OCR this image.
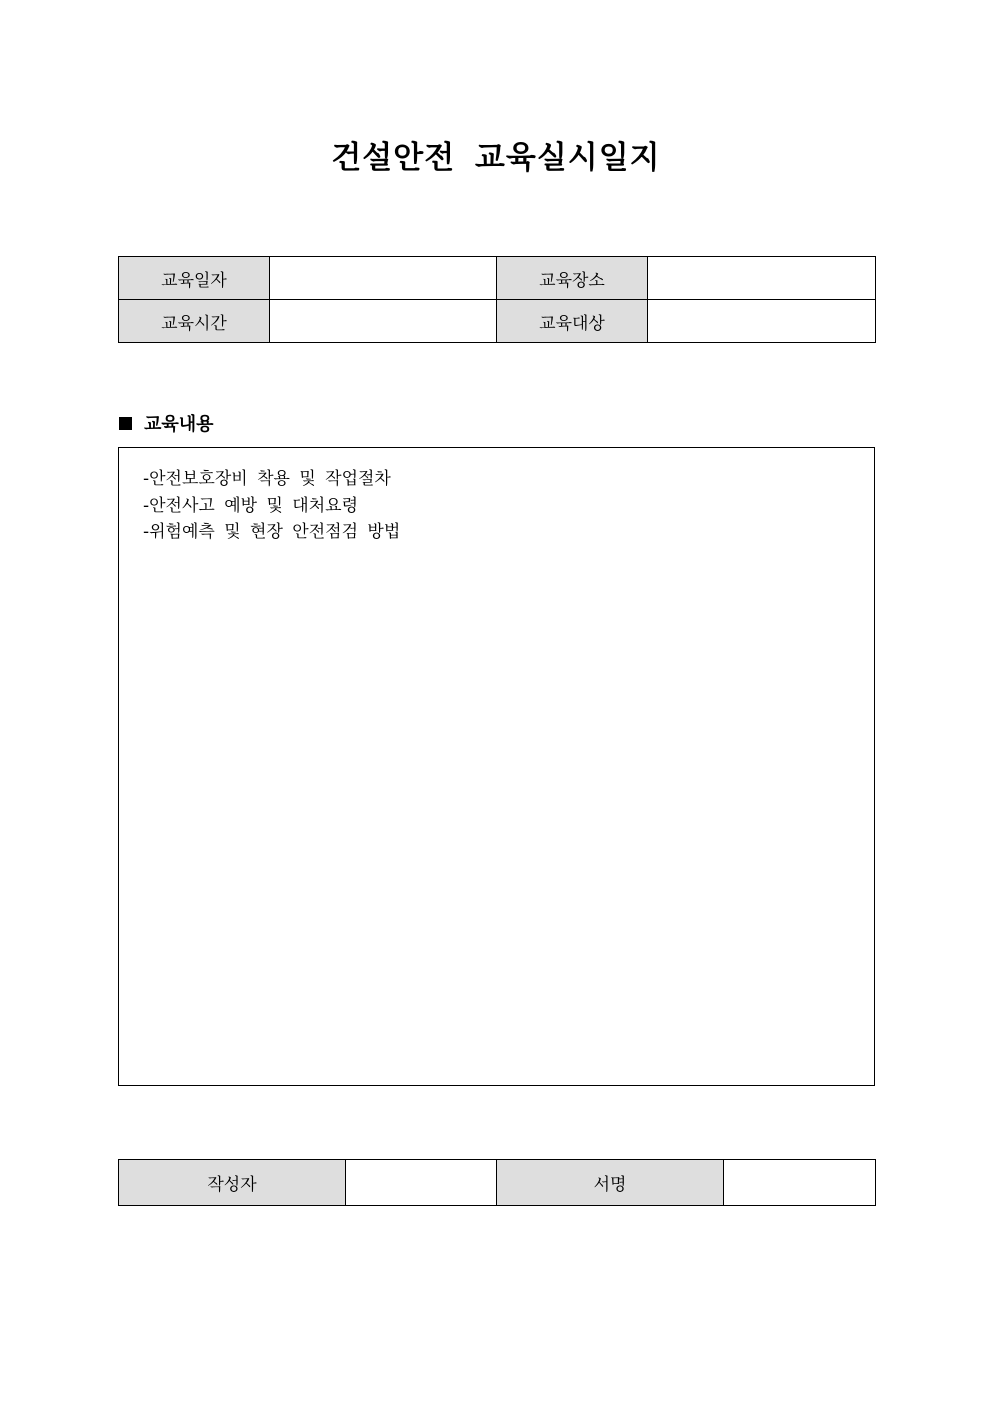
건설안전 교육실시일지
교육일자		교육장소	
교육시간		교육대상	
교육내용
-안전보호장비 착용 및 작업절차
-안전사고 예방 및 대처요령
-위험예측 및 현장 안전점검 방법
작성자		서명	
